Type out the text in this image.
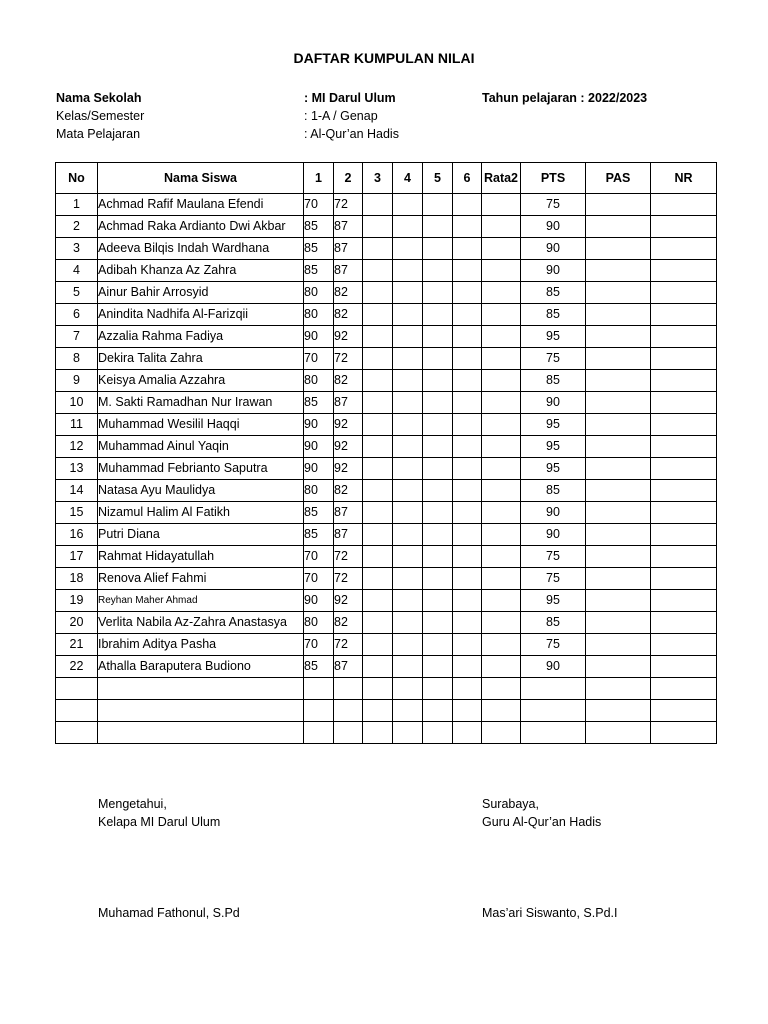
DAFTAR KUMPULAN NILAI
Nama Sekolah	: MI Darul Ulum	Tahun pelajaran : 2022/2023
Kelas/Semester	: 1-A / Genap
Mata Pelajaran	: Al-Qur’an Hadis
No	Nama Siswa	1	2	3	4	5	6	Rata2	PTS	PAS	NR
1	Achmad Rafif Maulana Efendi	70	72						75		
2	Achmad Raka Ardianto Dwi Akbar	85	87						90		
3	Adeeva Bilqis Indah Wardhana	85	87						90		
4	Adibah Khanza Az Zahra	85	87						90		
5	Ainur Bahir Arrosyid	80	82						85		
6	Anindita Nadhifa Al-Farizqii	80	82						85		
7	Azzalia Rahma Fadiya	90	92						95		
8	Dekira Talita Zahra	70	72						75		
9	Keisya Amalia Azzahra	80	82						85		
10	M. Sakti Ramadhan Nur Irawan	85	87						90		
11	Muhammad Wesilil Haqqi	90	92						95		
12	Muhammad Ainul Yaqin	90	92						95		
13	Muhammad Febrianto Saputra	90	92						95		
14	Natasa Ayu Maulidya	80	82						85		
15	Nizamul Halim Al Fatikh	85	87						90		
16	Putri Diana	85	87						90		
17	Rahmat Hidayatullah	70	72						75		
18	Renova Alief Fahmi	70	72						75		
19	Reyhan Maher Ahmad	90	92						95		
20	Verlita Nabila Az-Zahra Anastasya	80	82						85		
21	Ibrahim Aditya Pasha	70	72						75		
22	Athalla Baraputera Budiono	85	87						90		

Mengetahui,
Kelapa MI Darul Ulum
Muhamad Fathonul, S.Pd
Surabaya,
Guru Al-Qur’an Hadis
Mas’ari Siswanto, S.Pd.I
